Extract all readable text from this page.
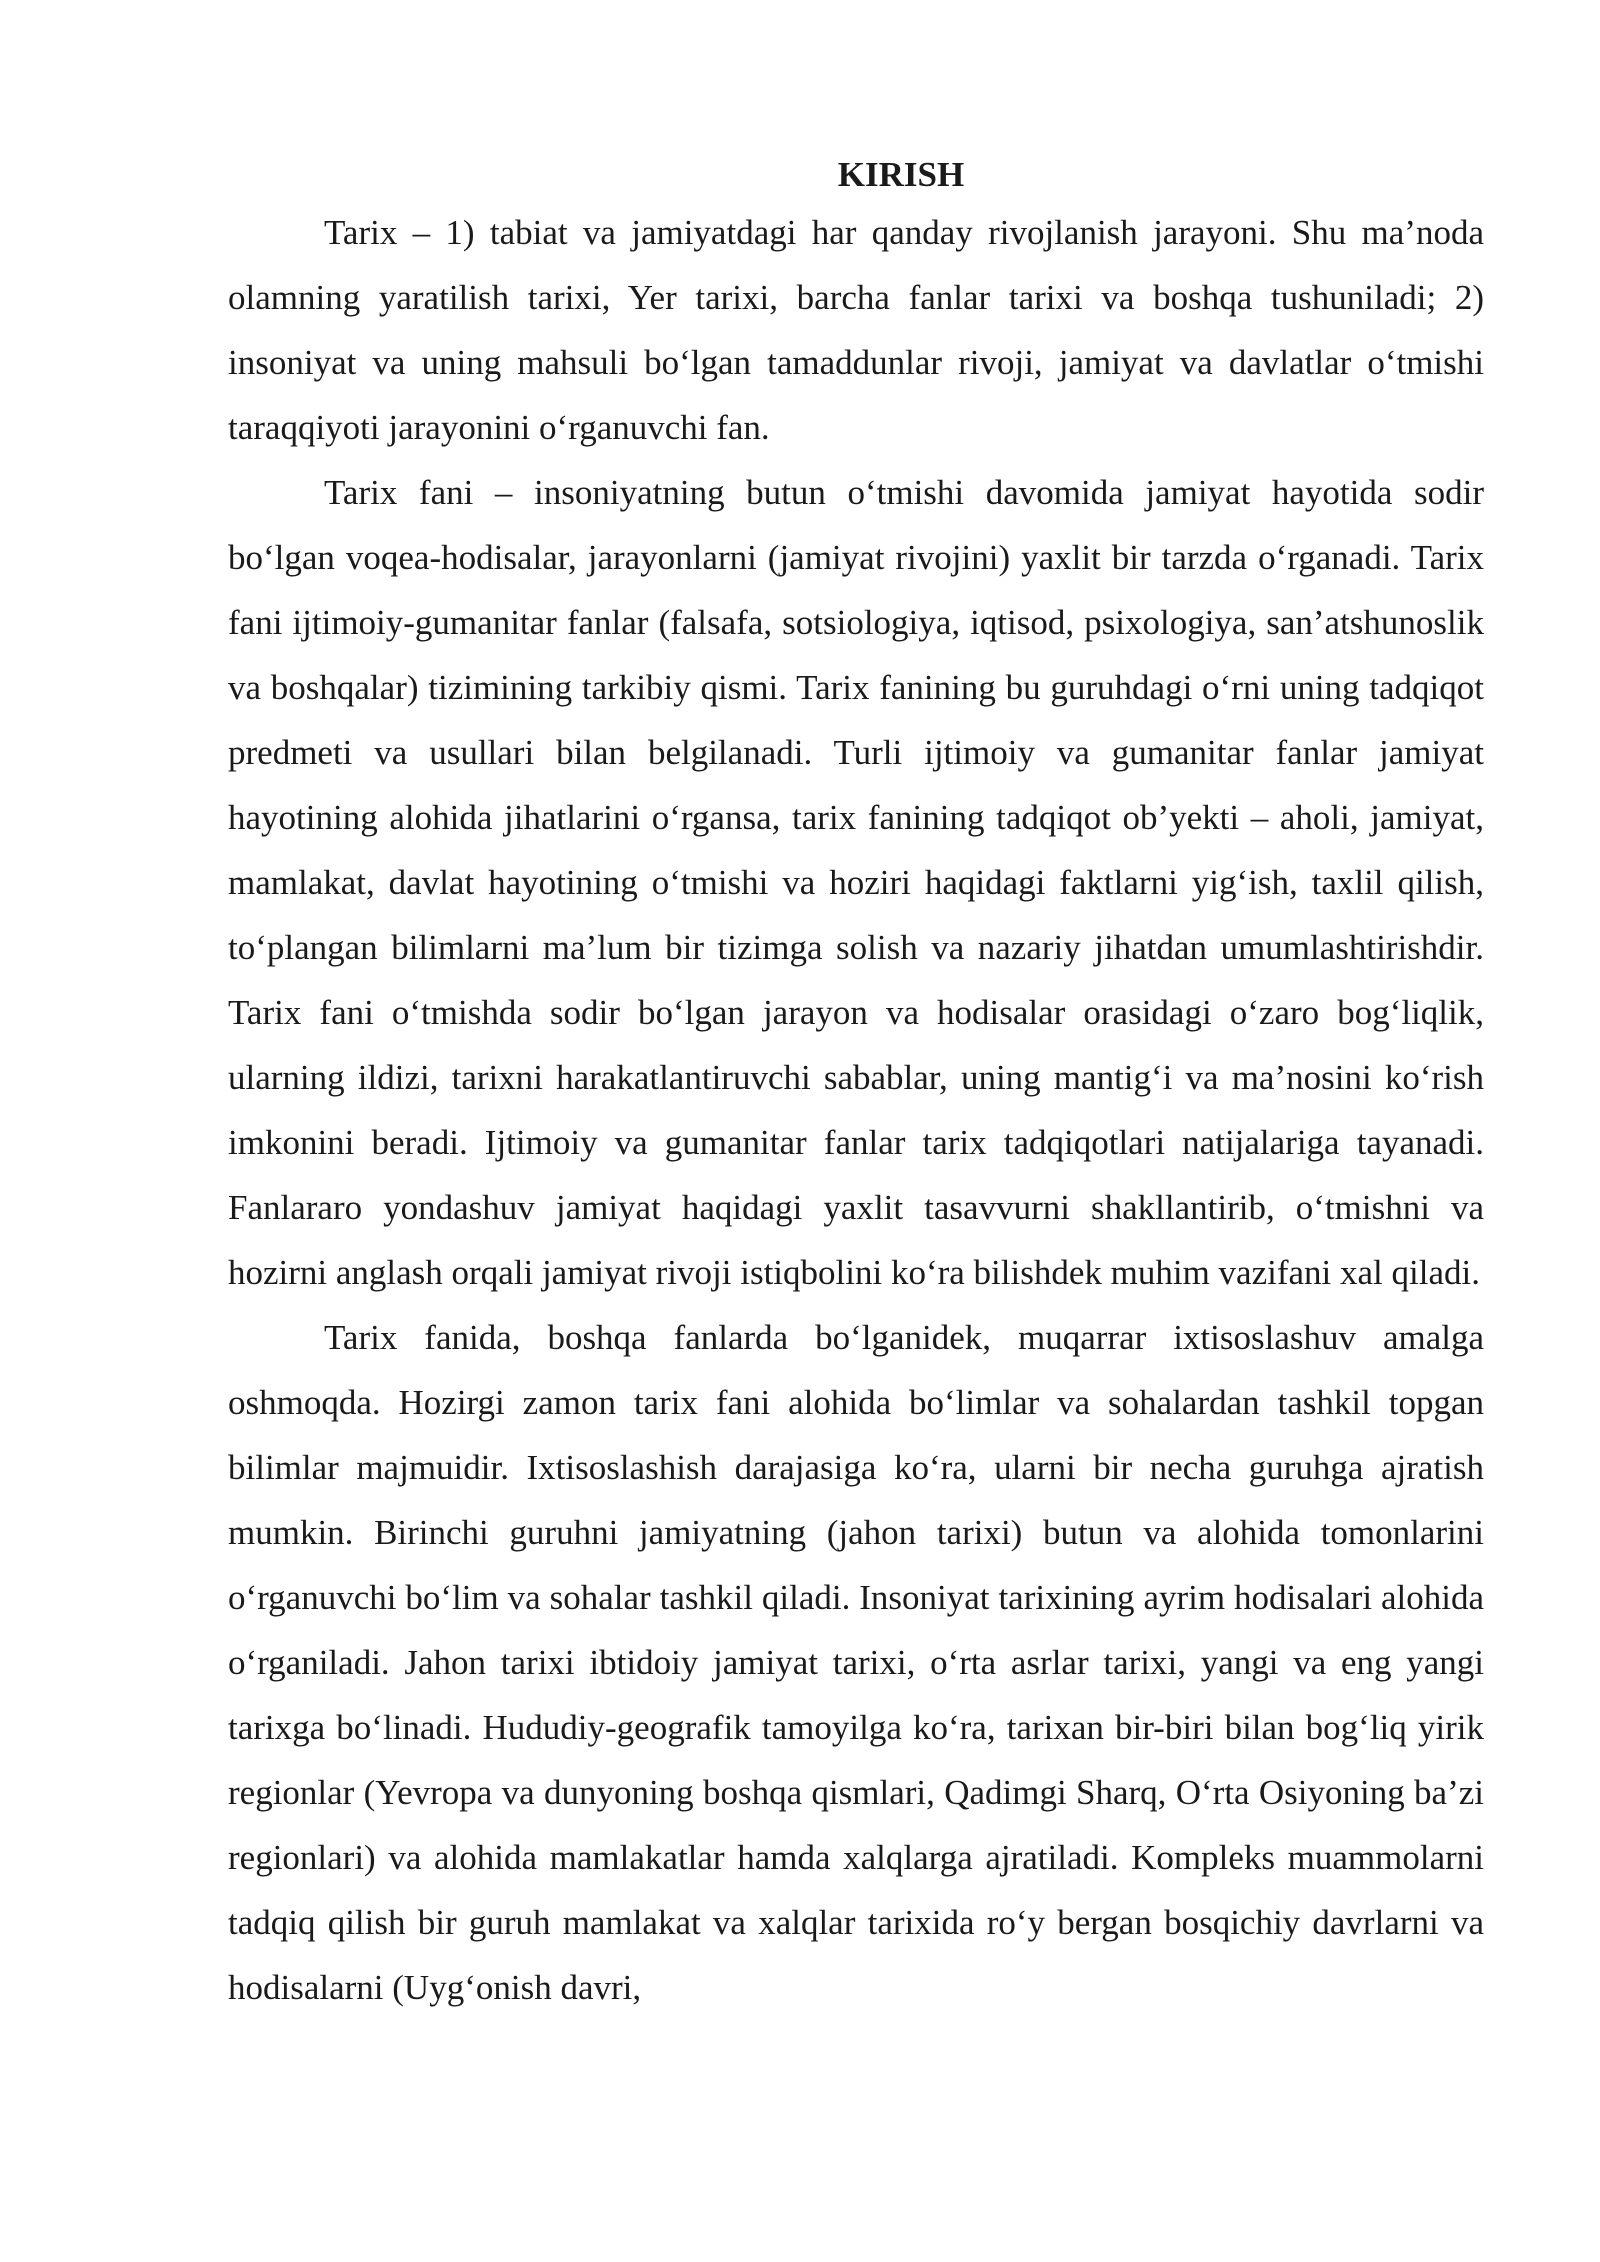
KIRISH

Tarix – 1) tabiat va jamiyatdagi har qanday rivojlanish jarayoni. Shu ma’noda olamning yaratilish tarixi, Yer tarixi, barcha fanlar tarixi va boshqa tushuniladi; 2) insoniyat va uning mahsuli bo‘lgan tamaddunlar rivoji, jamiyat va davlatlar o‘tmishi taraqqiyoti jarayonini o‘rganuvchi fan.

Tarix fani – insoniyatning butun o‘tmishi davomida jamiyat hayotida sodir bo‘lgan voqea-hodisalar, jarayonlarni (jamiyat rivojini) yaxlit bir tarzda o‘rganadi. Tarix fani ijtimoiy-gumanitar fanlar (falsafa, sotsiologiya, iqtisod, psixologiya, san’atshunoslik va boshqalar) tizimining tarkibiy qismi. Tarix fanining bu guruhdagi o‘rni uning tadqiqot predmeti va usullari bilan belgilanadi. Turli ijtimoiy va gumanitar fanlar jamiyat hayotining alohida jihatlarini o‘rgansa, tarix fanining tadqiqot ob’yekti – aholi, jamiyat, mamlakat, davlat hayotining o‘tmishi va hoziri haqidagi faktlarni yig‘ish, taxlil qilish, to‘plangan bilimlarni ma’lum bir tizimga solish va nazariy jihatdan umumlashtirishdir. Tarix fani o‘tmishda sodir bo‘lgan jarayon va hodisalar orasidagi o‘zaro bog‘liqlik, ularning ildizi, tarixni harakatlantiruvchi sabablar, uning mantig‘i va ma’nosini ko‘rish imkonini beradi. Ijtimoiy va gumanitar fanlar tarix tadqiqotlari natijalariga tayanadi. Fanlararo yondashuv jamiyat haqidagi yaxlit tasavvurni shakllantirib, o‘tmishni va hozirni anglash orqali jamiyat rivoji istiqbolini ko‘ra bilishdek muhim vazifani xal qiladi.

Tarix fanida, boshqa fanlarda bo‘lganidek, muqarrar ixtisoslashuv amalga oshmoqda. Hozirgi zamon tarix fani alohida bo‘limlar va sohalardan tashkil topgan bilimlar majmuidir. Ixtisoslashish darajasiga ko‘ra, ularni bir necha guruhga ajratish mumkin. Birinchi guruhni jamiyatning (jahon tarixi) butun va alohida tomonlarini o‘rganuvchi bo‘lim va sohalar tashkil qiladi. Insoniyat tarixining ayrim hodisalari alohida o‘rganiladi. Jahon tarixi ibtidoiy jamiyat tarixi, o‘rta asrlar tarixi, yangi va eng yangi tarixga bo‘linadi. Hududiy-geografik tamoyilga ko‘ra, tarixan bir-biri bilan bog‘liq yirik regionlar (Yevropa va dunyoning boshqa qismlari, Qadimgi Sharq, O‘rta Osiyoning ba’zi regionlari) va alohida mamlakatlar hamda xalqlarga ajratiladi. Kompleks muammolarni tadqiq qilish bir guruh mamlakat va xalqlar tarixida ro‘y bergan bosqichiy davrlarni va hodisalarni (Uyg‘onish davri,
